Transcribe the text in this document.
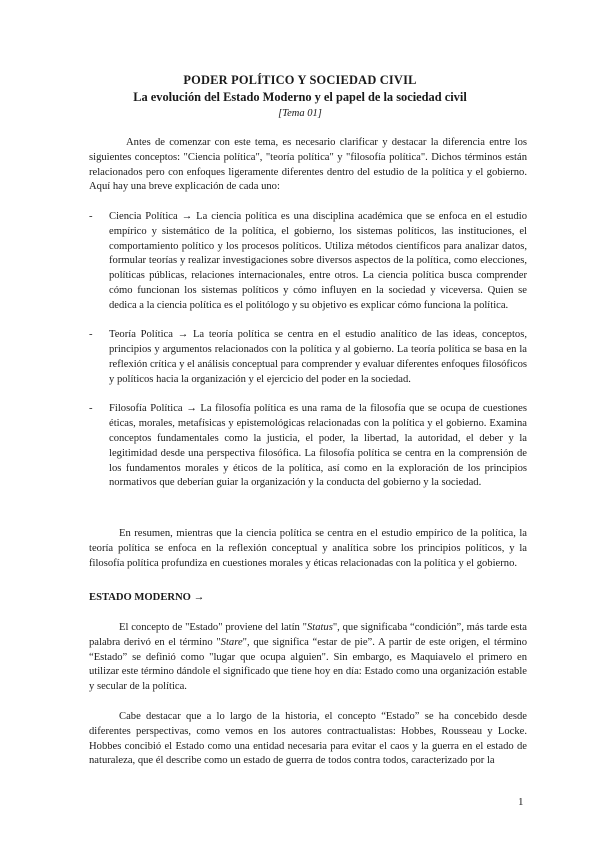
PODER POLÍTICO Y SOCIEDAD CIVIL
La evolución del Estado Moderno y el papel de la sociedad civil
[Tema 01]
Antes de comenzar con este tema, es necesario clarificar y destacar la diferencia entre los siguientes conceptos: "Ciencia política", "teoría política" y "filosofía política". Dichos términos están relacionados pero con enfoques ligeramente diferentes dentro del estudio de la política y el gobierno. Aquí hay una breve explicación de cada uno:
- Ciencia Política → La ciencia política es una disciplina académica que se enfoca en el estudio empírico y sistemático de la política, el gobierno, los sistemas políticos, las instituciones, el comportamiento político y los procesos políticos. Utiliza métodos científicos para analizar datos, formular teorías y realizar investigaciones sobre diversos aspectos de la política, como elecciones, políticas públicas, relaciones internacionales, entre otros. La ciencia política busca comprender cómo funcionan los sistemas políticos y cómo influyen en la sociedad y viceversa. Quien se dedica a la ciencia política es el politólogo y su objetivo es explicar cómo funciona la política.
- Teoría Política → La teoría política se centra en el estudio analítico de las ideas, conceptos, principios y argumentos relacionados con la política y al gobierno. La teoría política se basa en la reflexión crítica y el análisis conceptual para comprender y evaluar diferentes enfoques filosóficos y políticos hacia la organización y el ejercicio del poder en la sociedad.
- Filosofía Política → La filosofía política es una rama de la filosofía que se ocupa de cuestiones éticas, morales, metafísicas y epistemológicas relacionadas con la política y el gobierno. Examina conceptos fundamentales como la justicia, el poder, la libertad, la autoridad, el deber y la legitimidad desde una perspectiva filosófica. La filosofía política se centra en la comprensión de los fundamentos morales y éticos de la política, así como en la exploración de los principios normativos que deberían guiar la organización y la conducta del gobierno y la sociedad.
En resumen, mientras que la ciencia política se centra en el estudio empírico de la política, la teoría política se enfoca en la reflexión conceptual y analítica sobre los principios políticos, y la filosofía política profundiza en cuestiones morales y éticas relacionadas con la política y el gobierno.
ESTADO MODERNO →
El concepto de "Estado" proviene del latín "Status", que significaba “condición”, más tarde esta palabra derivó en el término "Stare", que significa “estar de pie”. A partir de este origen, el término “Estado” se definió como "lugar que ocupa alguien". Sin embargo, es Maquiavelo el primero en utilizar este término dándole el significado que tiene hoy en día: Estado como una organización estable y secular de la política.
Cabe destacar que a lo largo de la historia, el concepto “Estado” se ha concebido desde diferentes perspectivas, como vemos en los autores contractualistas: Hobbes, Rousseau y Locke. Hobbes concibió el Estado como una entidad necesaria para evitar el caos y la guerra en el estado de naturaleza, que él describe como un estado de guerra de todos contra todos, caracterizado por la
1
